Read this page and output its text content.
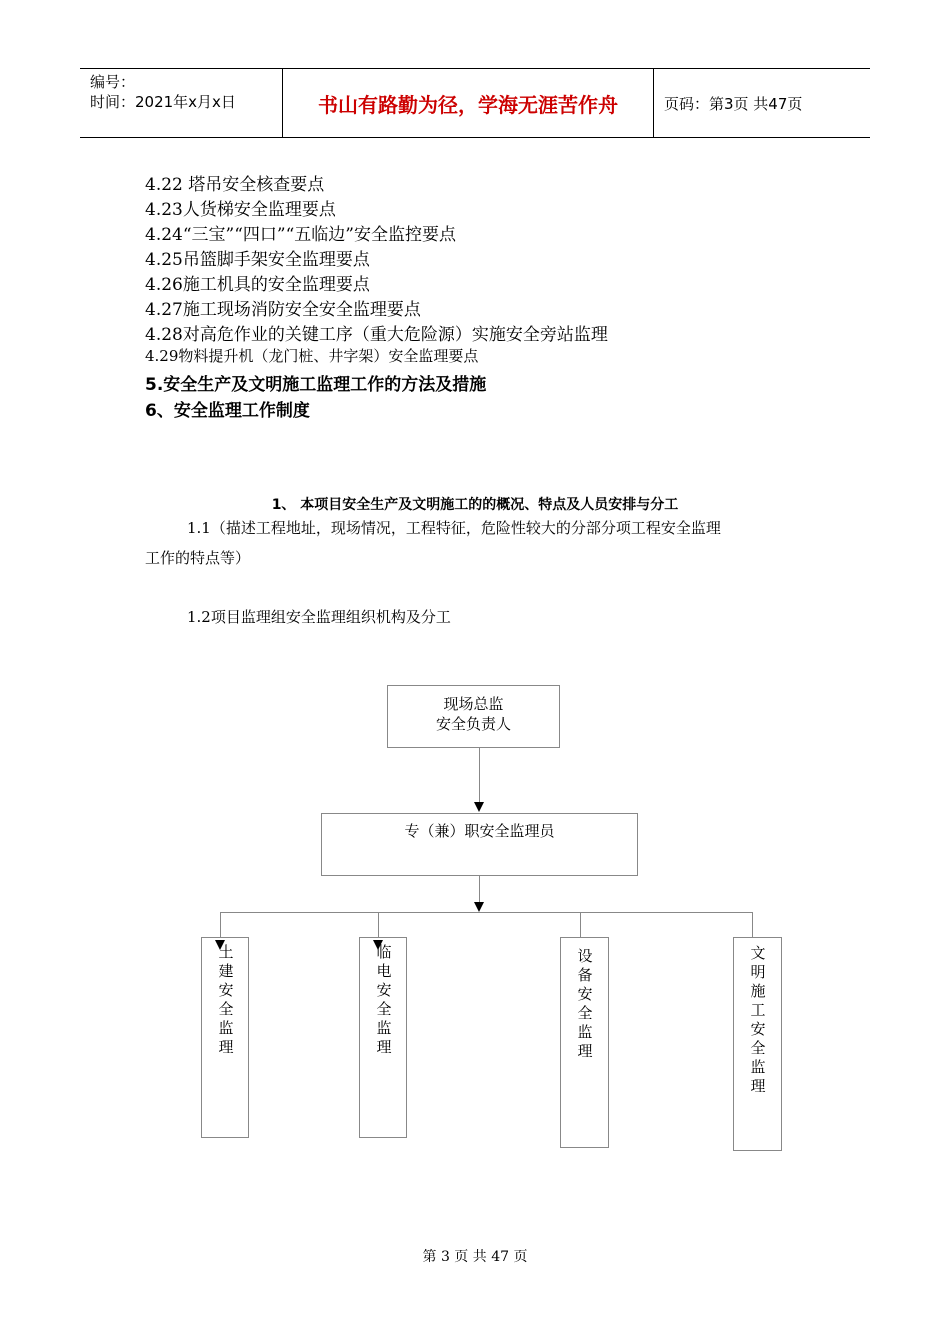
编号：
时间：2021年x月x日	书山有路勤为径，学海无涯苦作舟	页码：第3页 共47页
4.22 塔吊安全核查要点
4.23人货梯安全监理要点
4.24“三宝”“四口”“五临边”安全监控要点
4.25吊篮脚手架安全监理要点
4.26施工机具的安全监理要点
4.27施工现场消防安全安全监理要点
4.28对高危作业的关键工序（重大危险源）实施安全旁站监理
4.29物料提升机（龙门桩、井字架）安全监理要点
5.安全生产及文明施工监理工作的方法及措施
6、安全监理工作制度
1、 本项目安全生产及文明施工的的概况、特点及人员安排与分工
1.1（描述工程地址，现场情况，工程特征，危险性较大的分部分项工程安全监理
工作的特点等）
1.2项目监理组安全监理组织机构及分工
现场总监
安全负责人
专（兼）职安全监理员
土建安全监理
临电安全监理
设备安全监理
文明施工安全监理
第 3 页 共 47 页
